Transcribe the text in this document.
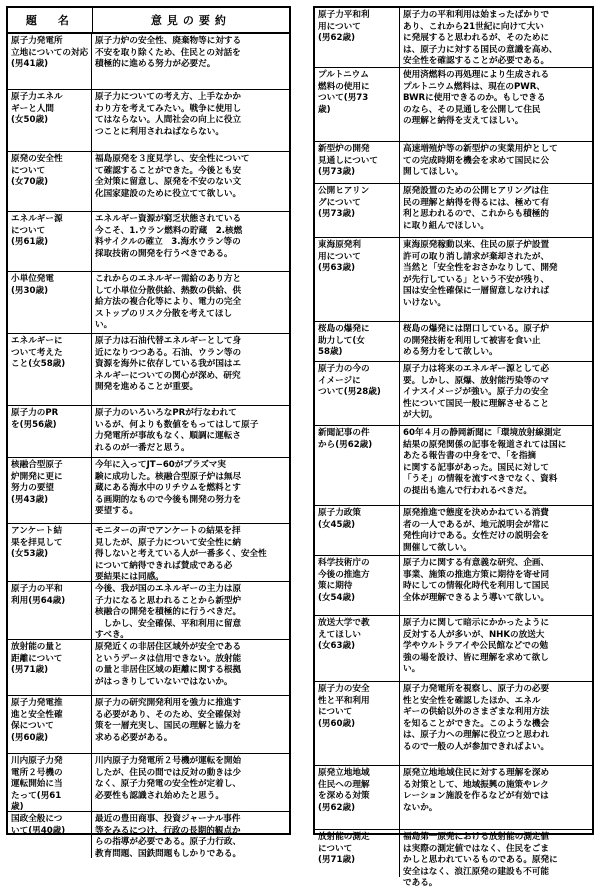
題　名	意見の要約
原子力発電所
立地についての対応
(男41歳)
原子力炉の安全性、廃棄物等に対する
不安を取り除くため、住民との対話を
積極的に進める努力が必要だ。
原子力エネル
ギーと人間
(女50歳)
原子力についての考え方、上手なかか
わり方を考えてみたい。戦争に使用し
てはならない。人間社会の向上に役立
つことに利用されねばならない。
原発の安全性
について
(女70歳)
福島原発を３度見学し、安全性について
て確認することができた。今後とも安
全対策に留意し、原発を不安のない文
化国家建設のために役立てて欲しい。
エネルギー源
について
(男61歳)
エネルギー資源が窮乏状態されている
今こそ、1.ウラン燃料の貯蔵　2.核燃
料サイクルの確立　3.海水ウラン等の
採取技術の開発を行うべきである。
小単位発電
(男30歳)
これからのエネルギー需給のあり方と
して小単位分散供給、熱数の供給、供
給方法の複合化等により、電力の完全
ストップのリスク分散を考えてほし
い。
エネルギーに
ついて考えた
こと(女58歳)
原子力は石油代替エネルギーとして身
近になりつつある。石油、ウラン等の
資源を海外に依存している我が国はエ
ネルギーについての関心が深め、研究
開発を進めることが重要。
原子力のPR
を(男56歳)
原子力のいろいろなPRが行なわれて
いるが、何よりも数値をもってはして原子
力発電所が事故もなく、順調に運転さ
れるのが一番だと思う。
核融合型原子
炉開発に更に
努力の要望
(男43歳)
今年に入ってJT−60がプラズマ実
験に成功した。核融合型原子炉は無尽
蔵にある海水中のリチウムを燃料とす
る画期的なもので今後も開発の努力を
要望する。
アンケート結
果を拝見して
(女53歳)
モニターの声でアンケートの結果を拝
見したが、原子力について安全性に納
得しないと考えている人が一番多く、安全性
について納得できれば賛成である必
要結果には同感。
原子力の平和
利用(男64歳)
今後、我が国のエネルギーの主力は原
子力になると思われることから新型炉
核融合の開発を積極的に行うべきだ。
　しかし、安全確保、平和利用に留意
すべき。
放射能の量と
距離について
(男71歳)
原発近くの非居住区域外が安全である
というデータは信用できない。放射能
の量と非居住区域の距離に関する根拠
がはっきりしていないではないか。
原子力発電推
進と安全性確
保について
(男60歳)
原子力の研究開発利用を強力に推進す
る必要があり、そのため、安全確保対
策を一層充実し、国民の理解と協力を
求める必要がある。
川内原子力発
電所２号機の
運転開始に当
たって(男61
歳)
川内原子力発電所２号機が運転を開始
したが、住民の間では反対の動きは少
なく、原子力発電の安全性が定着し、
必要性も認識され始めたと思う。
国政全般につ
いて(男40歳)
最近の豊田商事、投資ジャーナル事件
等をみるにつけ、行政の長期的観点か
らの指導が必要である。原子力行政、
教育問題、国鉄問題もしかりである。
原子力平和利
用について
(男62歳)
原子力の平和利用は始まったばかりで
あり、これから21世紀に向けて大い
に発展すると思われるが、そのために
は、原子力に対する国民の意識を高め、
安全性を確認することが必要である。
プルトニウム
燃料の使用に
ついて(男73
歳)
使用済燃料の再処理により生成される
プルトニウム燃料は、現在のPWR、
BWRに使用できるのか。もしできる
のなら、その見通しを公開して住民
の理解と納得を支えてほしい。
新型炉の開発
見通しについて
(男73歳)
高速増殖炉等の新型炉の実業用炉として
ての完成時期を機会を求めて国民に公
開してほしい。
公開ヒアリン
グについて
(男73歳)
原発設置のための公開ヒアリングは住
民の理解と納得を得るには、極めて有
利と思われるので、これからも積極的
に取り組んでほしい。
東海原発利
用について
(男63歳)
東海原発稼動以来、住民の原子炉設置
許可の取り消し請求が棄却されたが、
当然と「安全性をおさかなりして、開発
が先行している」という不安が残り、
国は安全性確保に一層留意しなければ
いけない。
桜島の爆発に
助力して(女
58歳)
桜島の爆発には閉口している。原子炉
の開発技術を利用して被害を食い止
める努力をして欲しい。
原子力の今の
イメージに
ついて(男28歳)
原子力は将来のエネルギー源として必
要。しかし、原爆、放射能汚染等のマ
イナスイメージが強い。原子力の安全
性について国民一般に理解させること
が大切。
新聞記事の件
から(男62歳)
60年４月の静岡新聞に「環境放射線測定
結果の原発関係の記事を報道されては国に
あたる報告書の中身をで、「を指摘
に関する記事があった。国民に対して
「うそ」の情報を流すべきでなく、資料
の提出も進んで行われるべきだ。
原子力政策
(女45歳)
原発推進で態度を決めかねている消費
者の一人であるが、地元説明会が常に
発性向けである。女性だけの説明会を
開催して欲しい。
科学技術庁の
今後の推進方
策に期待
(女54歳)
原子力に関する有意義な研究、企画、
事業、施策の推進方策に期待を寄せ同
時にしての情報化時代を利用して国民
全体が理解できるよう導いて欲しい。
放送大学で教
えてほしい
(女63歳)
原子力に関して暗示にかかったように
反対する人が多いが、NHKの放送大
学やウルトラアイや公民館などでの勉
強の場を設け、皆に理解を求めて欲し
い。
原子力の安全
性と平和利用
について
(男60歳)
原子力発電所を視察し、原子力の必要
性と安全性を確認したほか、エネル
ギーの供給以外のさまざまな利用方法
を知ることができた。このような機会
は、原子力への理解に役立つと思われ
るので一般の人が参加できればよい。
原発立地地域
住民への理解
を深める対策
(男62歳)
原発立地地域住民に対する理解を深め
る対策として、地域振興の施策やレク
レーション施設を作るなどが有効では
ないか。
放射能の測定
について
(男71歳)
福島第一原発における放射能の測定値
は実際の測定値ではなく、住民をごま
かしと思われているものである。原発に
安全はなく、浪江原発の建設も不可能
である。
